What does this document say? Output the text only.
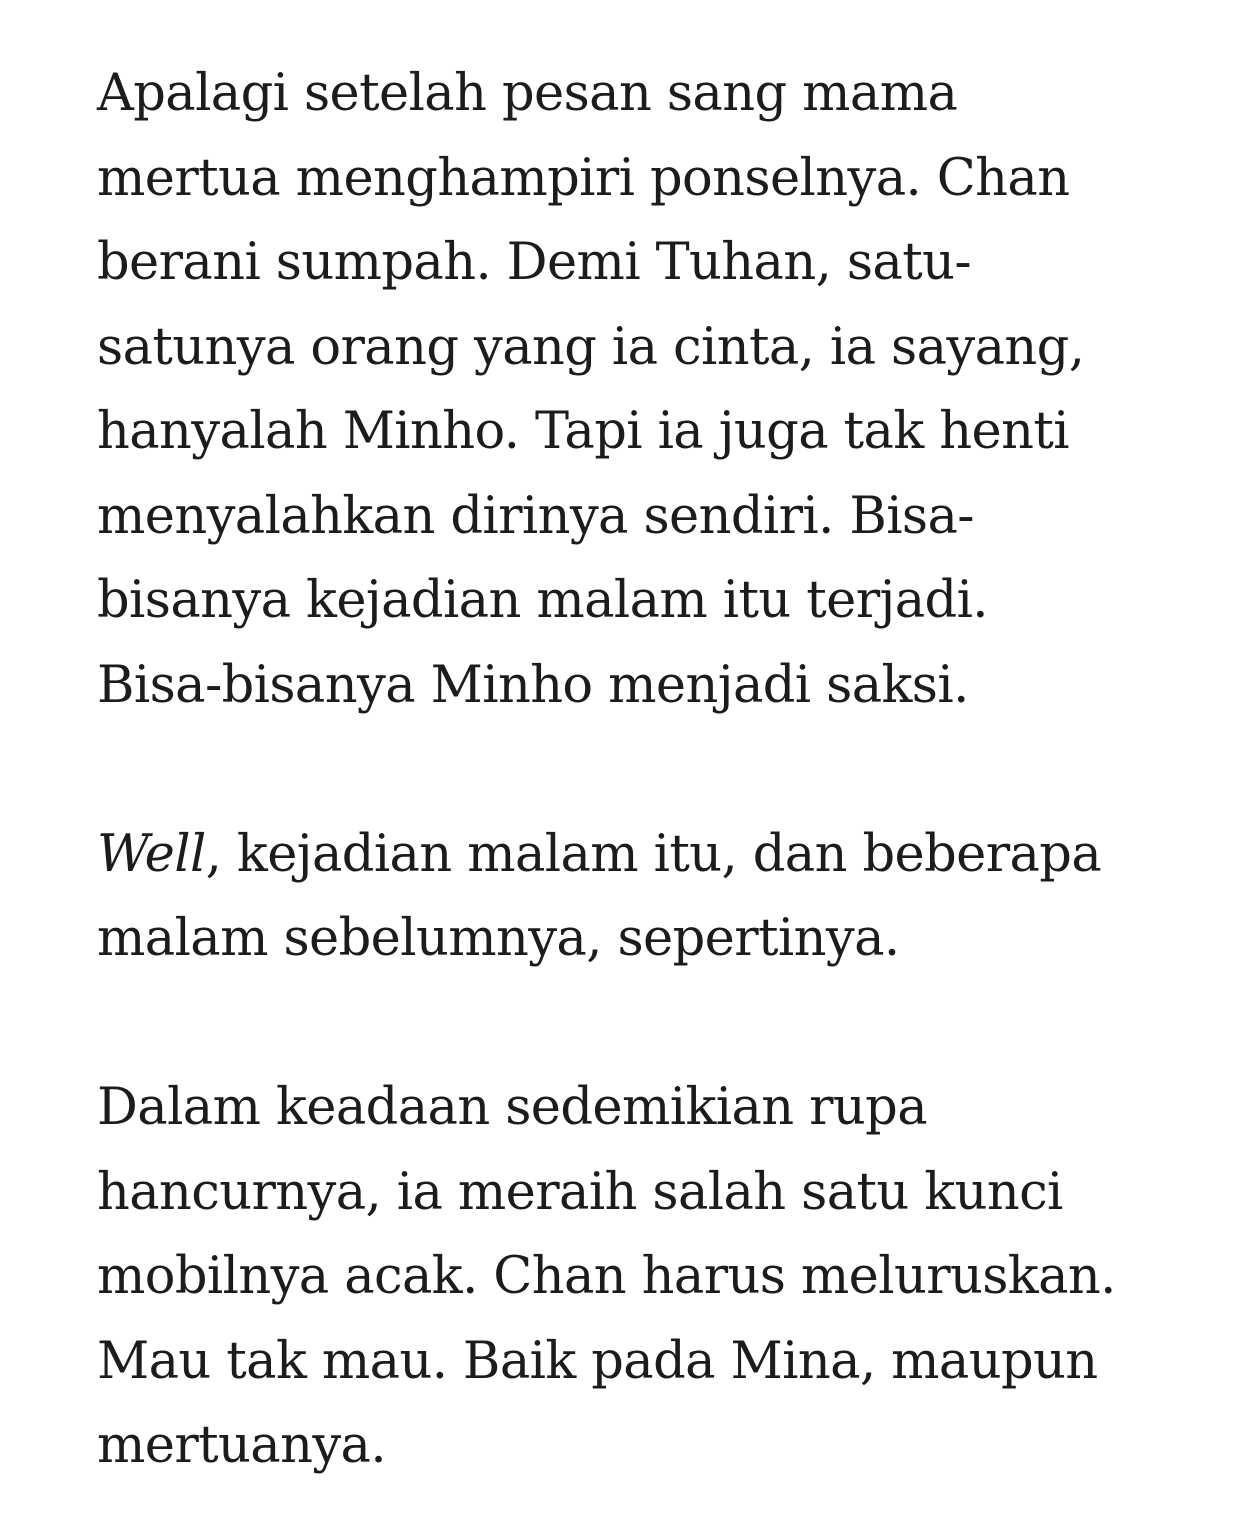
Apalagi setelah pesan sang mama
mertua menghampiri ponselnya. Chan
berani sumpah. Demi Tuhan, satu-
satunya orang yang ia cinta, ia sayang,
hanyalah Minho. Tapi ia juga tak henti
menyalahkan dirinya sendiri. Bisa-
bisanya kejadian malam itu terjadi.
Bisa-bisanya Minho menjadi saksi.
Well, kejadian malam itu, dan beberapa
malam sebelumnya, sepertinya.
Dalam keadaan sedemikian rupa
hancurnya, ia meraih salah satu kunci
mobilnya acak. Chan harus meluruskan.
Mau tak mau. Baik pada Mina, maupun
mertuanya.
